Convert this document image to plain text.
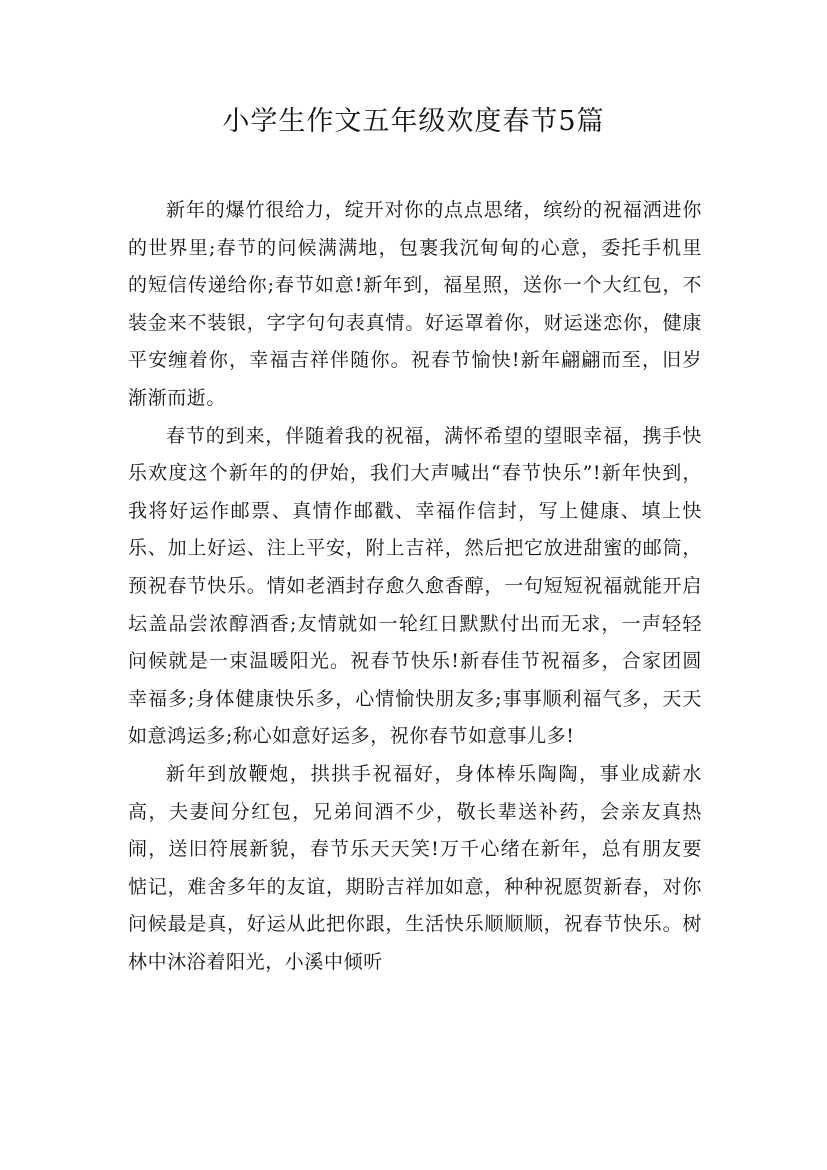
小学生作文五年级欢度春节5篇

新年的爆竹很给力，绽开对你的点点思绪，缤纷的祝福洒进你的世界里;春节的问候满满地，包裹我沉甸甸的心意，委托手机里的短信传递给你;春节如意!新年到，福星照，送你一个大红包，不装金来不装银，字字句句表真情。好运罩着你，财运迷恋你，健康平安缠着你，幸福吉祥伴随你。祝春节愉快!新年翩翩而至，旧岁渐渐而逝。

春节的到来，伴随着我的祝福，满怀希望的望眼幸福，携手快乐欢度这个新年的的伊始，我们大声喊出“春节快乐”!新年快到，我将好运作邮票、真情作邮戳、幸福作信封，写上健康、填上快乐、加上好运、注上平安，附上吉祥，然后把它放进甜蜜的邮筒，预祝春节快乐。情如老酒封存愈久愈香醇，一句短短祝福就能开启坛盖品尝浓醇酒香;友情就如一轮红日默默付出而无求，一声轻轻问候就是一束温暖阳光。祝春节快乐!新春佳节祝福多，合家团圆幸福多;身体健康快乐多，心情愉快朋友多;事事顺利福气多，天天如意鸿运多;称心如意好运多，祝你春节如意事儿多!

新年到放鞭炮，拱拱手祝福好，身体棒乐陶陶，事业成薪水高，夫妻间分红包，兄弟间酒不少，敬长辈送补药，会亲友真热闹，送旧符展新貌，春节乐天天笑!万千心绪在新年，总有朋友要惦记，难舍多年的友谊，期盼吉祥加如意，种种祝愿贺新春，对你问候最是真，好运从此把你跟，生活快乐顺顺顺，祝春节快乐。树林中沐浴着阳光，小溪中倾听
